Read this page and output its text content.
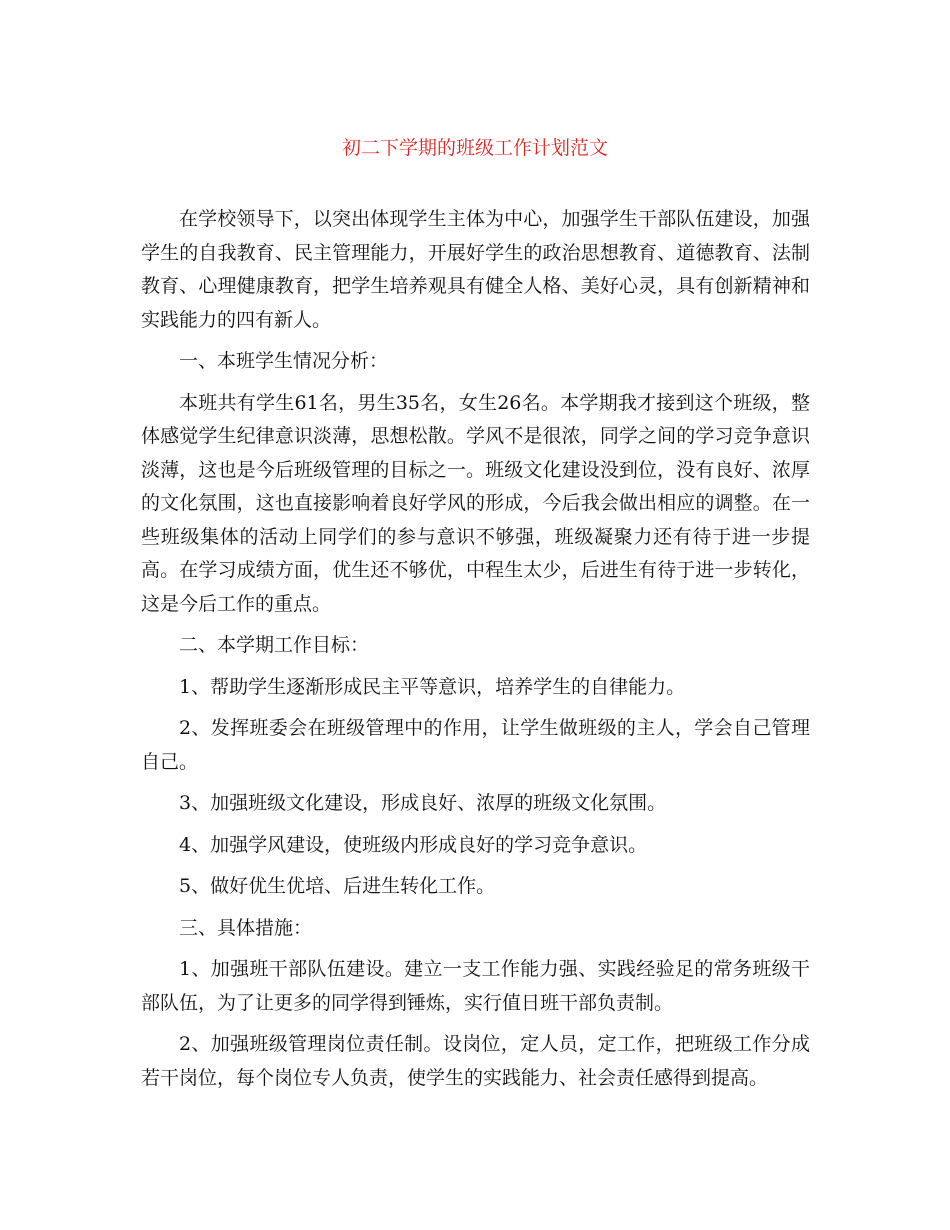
初二下学期的班级工作计划范文

在学校领导下，以突出体现学生主体为中心，加强学生干部队伍建设，加强学生的自我教育、民主管理能力，开展好学生的政治思想教育、道德教育、法制教育、心理健康教育，把学生培养观具有健全人格、美好心灵，具有创新精神和实践能力的四有新人。

一、本班学生情况分析：

本班共有学生61名，男生35名，女生26名。本学期我才接到这个班级，整体感觉学生纪律意识淡薄，思想松散。学风不是很浓，同学之间的学习竞争意识淡薄，这也是今后班级管理的目标之一。班级文化建设没到位，没有良好、浓厚的文化氛围，这也直接影响着良好学风的形成，今后我会做出相应的调整。在一些班级集体的活动上同学们的参与意识不够强，班级凝聚力还有待于进一步提高。在学习成绩方面，优生还不够优，中程生太少，后进生有待于进一步转化，这是今后工作的重点。

二、本学期工作目标：

1、帮助学生逐渐形成民主平等意识，培养学生的自律能力。

2、发挥班委会在班级管理中的作用，让学生做班级的主人，学会自己管理自己。

3、加强班级文化建设，形成良好、浓厚的班级文化氛围。

4、加强学风建设，使班级内形成良好的学习竞争意识。

5、做好优生优培、后进生转化工作。

三、具体措施：

1、加强班干部队伍建设。建立一支工作能力强、实践经验足的常务班级干部队伍，为了让更多的同学得到锤炼，实行值日班干部负责制。

2、加强班级管理岗位责任制。设岗位，定人员，定工作，把班级工作分成若干岗位，每个岗位专人负责，使学生的实践能力、社会责任感得到提高。
